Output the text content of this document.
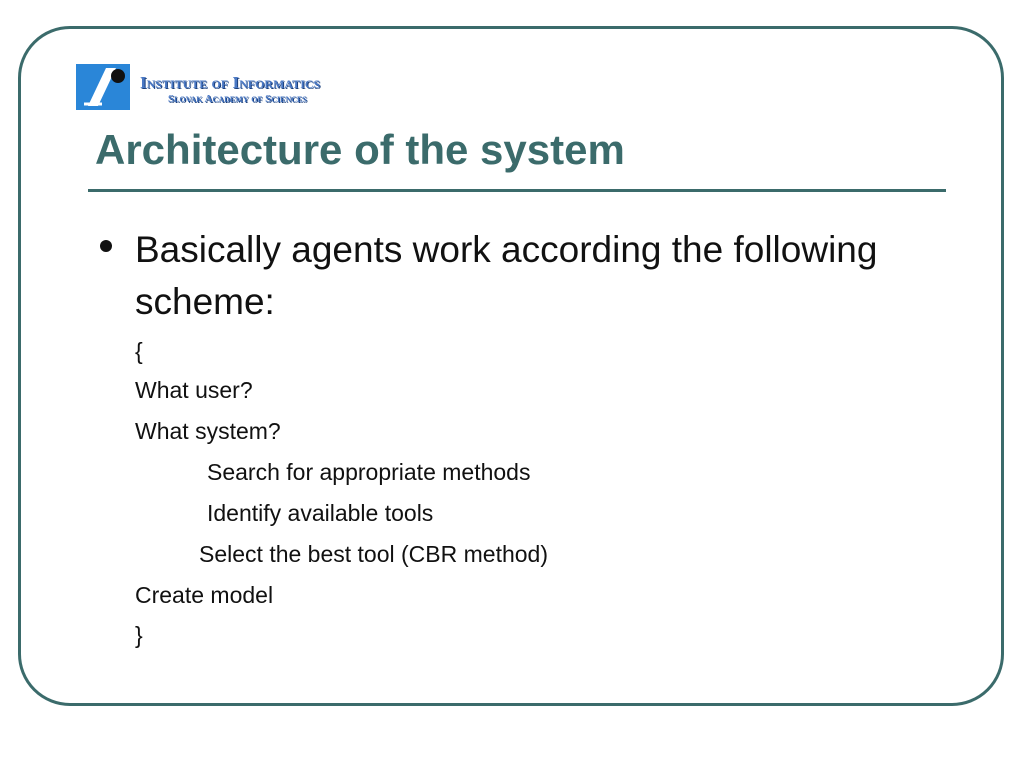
Institute of Informatics
Slovak Academy of Sciences
Architecture of the system
Basically agents work according the following scheme:
{
What user?
What system?
Search for appropriate methods
Identify available tools
Select the best tool (CBR method)
Create model
}
